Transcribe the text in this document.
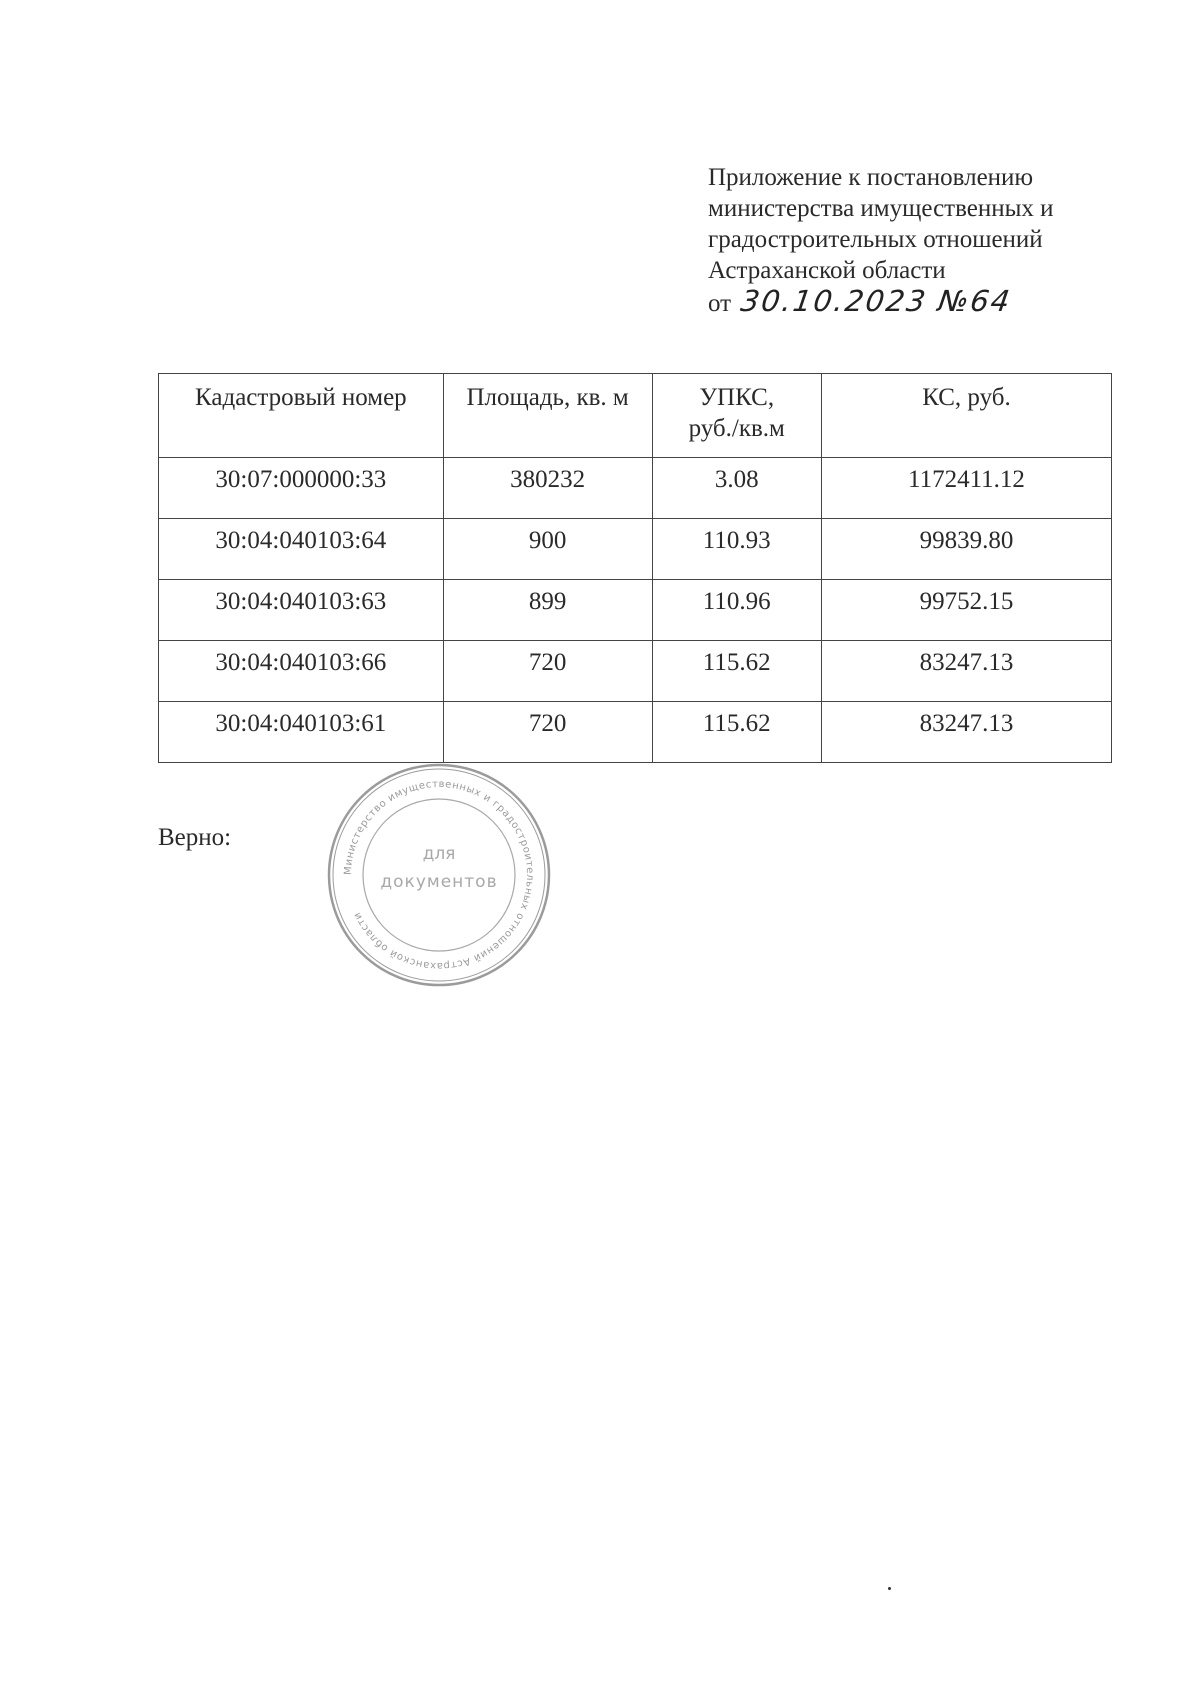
Приложение к постановлению
министерства имущественных и
градостроительных отношений
Астраханской области
от 30.10.2023 №64
Кадастровый номер	Площадь, кв. м	УПКС, руб./кв.м	КС, руб.
30:07:000000:33	380232	3.08	1172411.12
30:04:040103:64	900	110.93	99839.80
30:04:040103:63	899	110.96	99752.15
30:04:040103:66	720	115.62	83247.13
30:04:040103:61	720	115.62	83247.13
Верно:
Министерство имущественных и градостроительных отношений Астраханской области
для
документов
